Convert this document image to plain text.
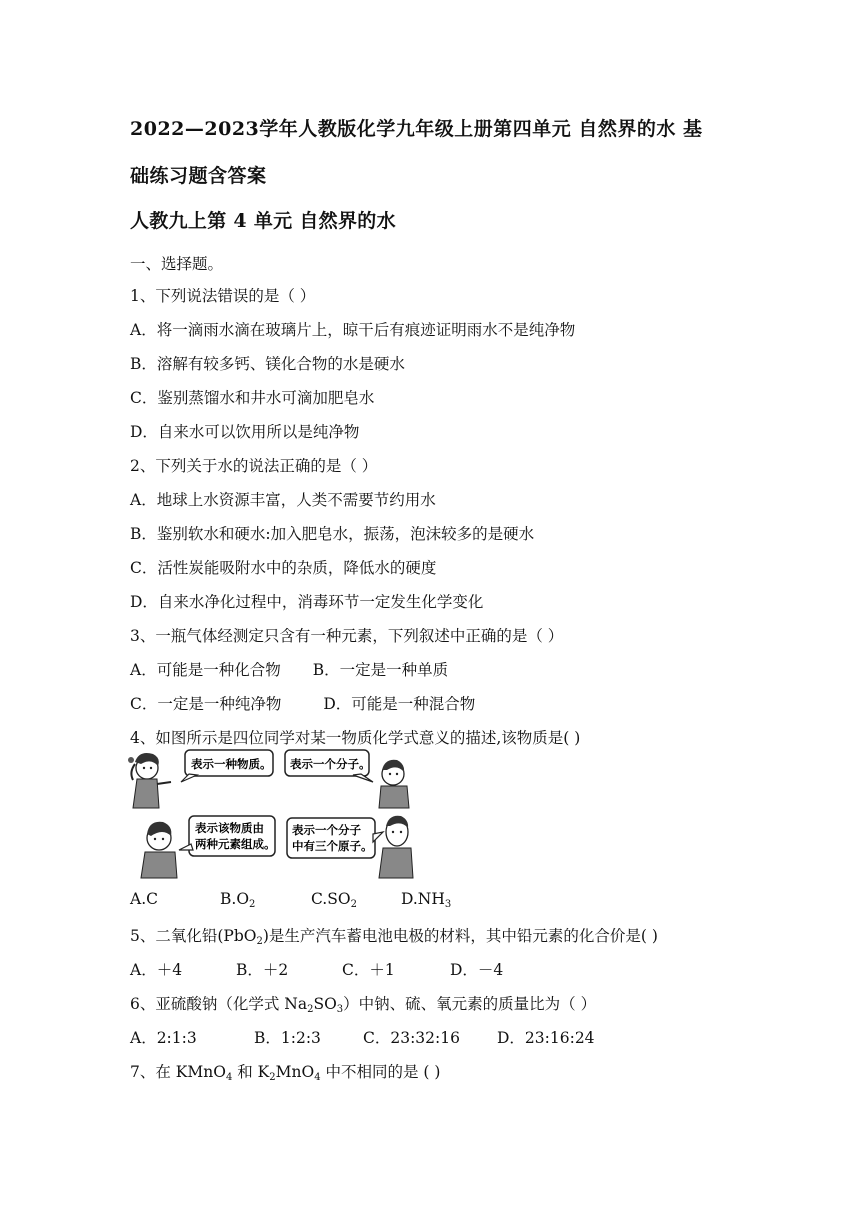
2022—2023学年人教版化学九年级上册第四单元 自然界的水 基
础练习题含答案
人教九上第 4 单元 自然界的水
一、选择题。
1、下列说法错误的是（ ）
A．将一滴雨水滴在玻璃片上，晾干后有痕迹证明雨水不是纯净物
B．溶解有较多钙、镁化合物的水是硬水
C．鉴别蒸馏水和井水可滴加肥皂水
D．自来水可以饮用所以是纯净物
2、下列关于水的说法正确的是（ ）
A．地球上水资源丰富，人类不需要节约用水
B．鉴别软水和硬水:加入肥皂水，振荡，泡沫较多的是硬水
C．活性炭能吸附水中的杂质，降低水的硬度
D．自来水净化过程中，消毒环节一定发生化学变化
3、一瓶气体经测定只含有一种元素，下列叙述中正确的是（ ）
A．可能是一种化合物 B．一定是一种单质
C．一定是一种纯净物	D．可能是一种混合物
4、如图所示是四位同学对某一物质化学式意义的描述,该物质是( )
表示一种物质。 表示一个分子。
表示该物质由
两种元素组成。
表示一个分子
中有三个原子。
A.C	$B.O_2$	$C.SO_2$	$D.NH_3$
5、二氧化铅(PbO$_2$)是生产汽车蓄电池电极的材料，其中铅元素的化合价是( )
A．＋4	B．＋2	C．＋1	D．－4
6、亚硫酸钠（化学式 $Na_2SO_3$）中钠、硫、氧元素的质量比为（ ）
A．2:1:3	B．1:2:3	C．23:32:16 D．23:16:24
7、在 KMnO$_4$ 和 $K_2MnO_4$ 中不相同的是 ( )
